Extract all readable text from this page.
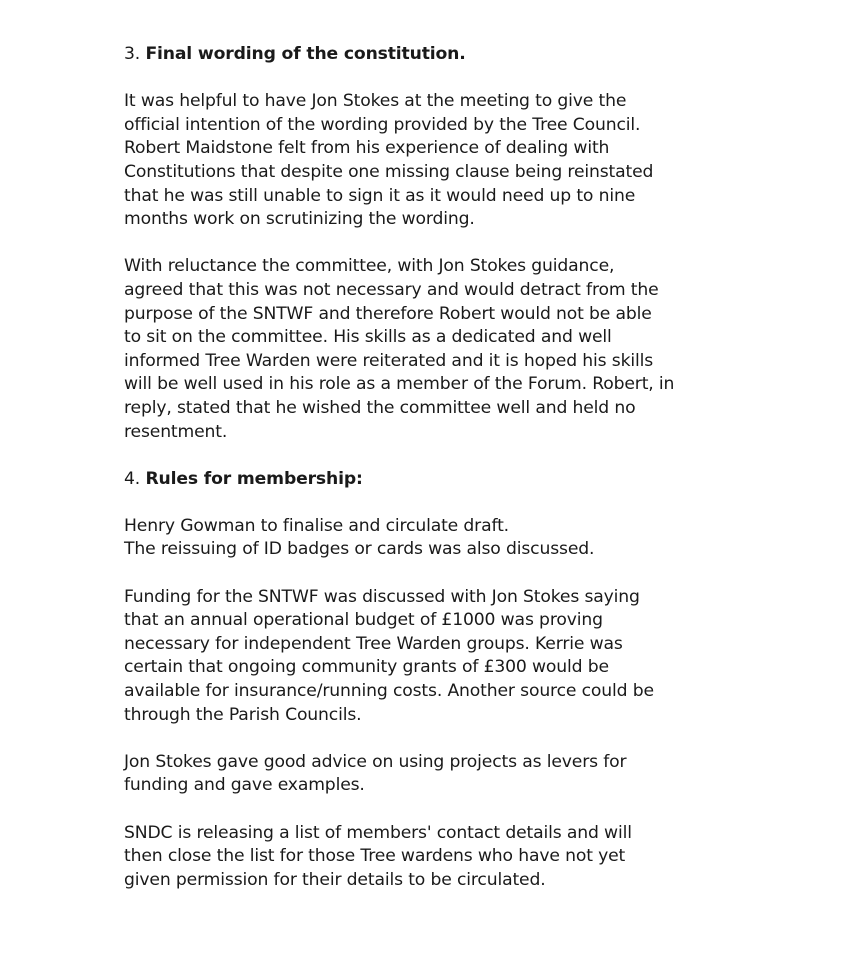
3. Final wording of the constitution.

It was helpful to have Jon Stokes at the meeting to give the
official intention of the wording provided by the Tree Council.
Robert Maidstone felt from his experience of dealing with
Constitutions that despite one missing clause being reinstated
that he was still unable to sign it as it would need up to nine
months work on scrutinizing the wording.

With reluctance the committee, with Jon Stokes guidance,
agreed that this was not necessary and would detract from the
purpose of the SNTWF and therefore Robert would not be able
to sit on the committee. His skills as a dedicated and well
informed Tree Warden were reiterated and it is hoped his skills
will be well used in his role as a member of the Forum. Robert, in
reply, stated that he wished the committee well and held no
resentment.

4. Rules for membership:

Henry Gowman to finalise and circulate draft.
The reissuing of ID badges or cards was also discussed.

Funding for the SNTWF was discussed with Jon Stokes saying
that an annual operational budget of £1000 was proving
necessary for independent Tree Warden groups. Kerrie was
certain that ongoing community grants of £300 would be
available for insurance/running costs. Another source could be
through the Parish Councils.

Jon Stokes gave good advice on using projects as levers for
funding and gave examples.

SNDC is releasing a list of members' contact details and will
then close the list for those Tree wardens who have not yet
given permission for their details to be circulated.
